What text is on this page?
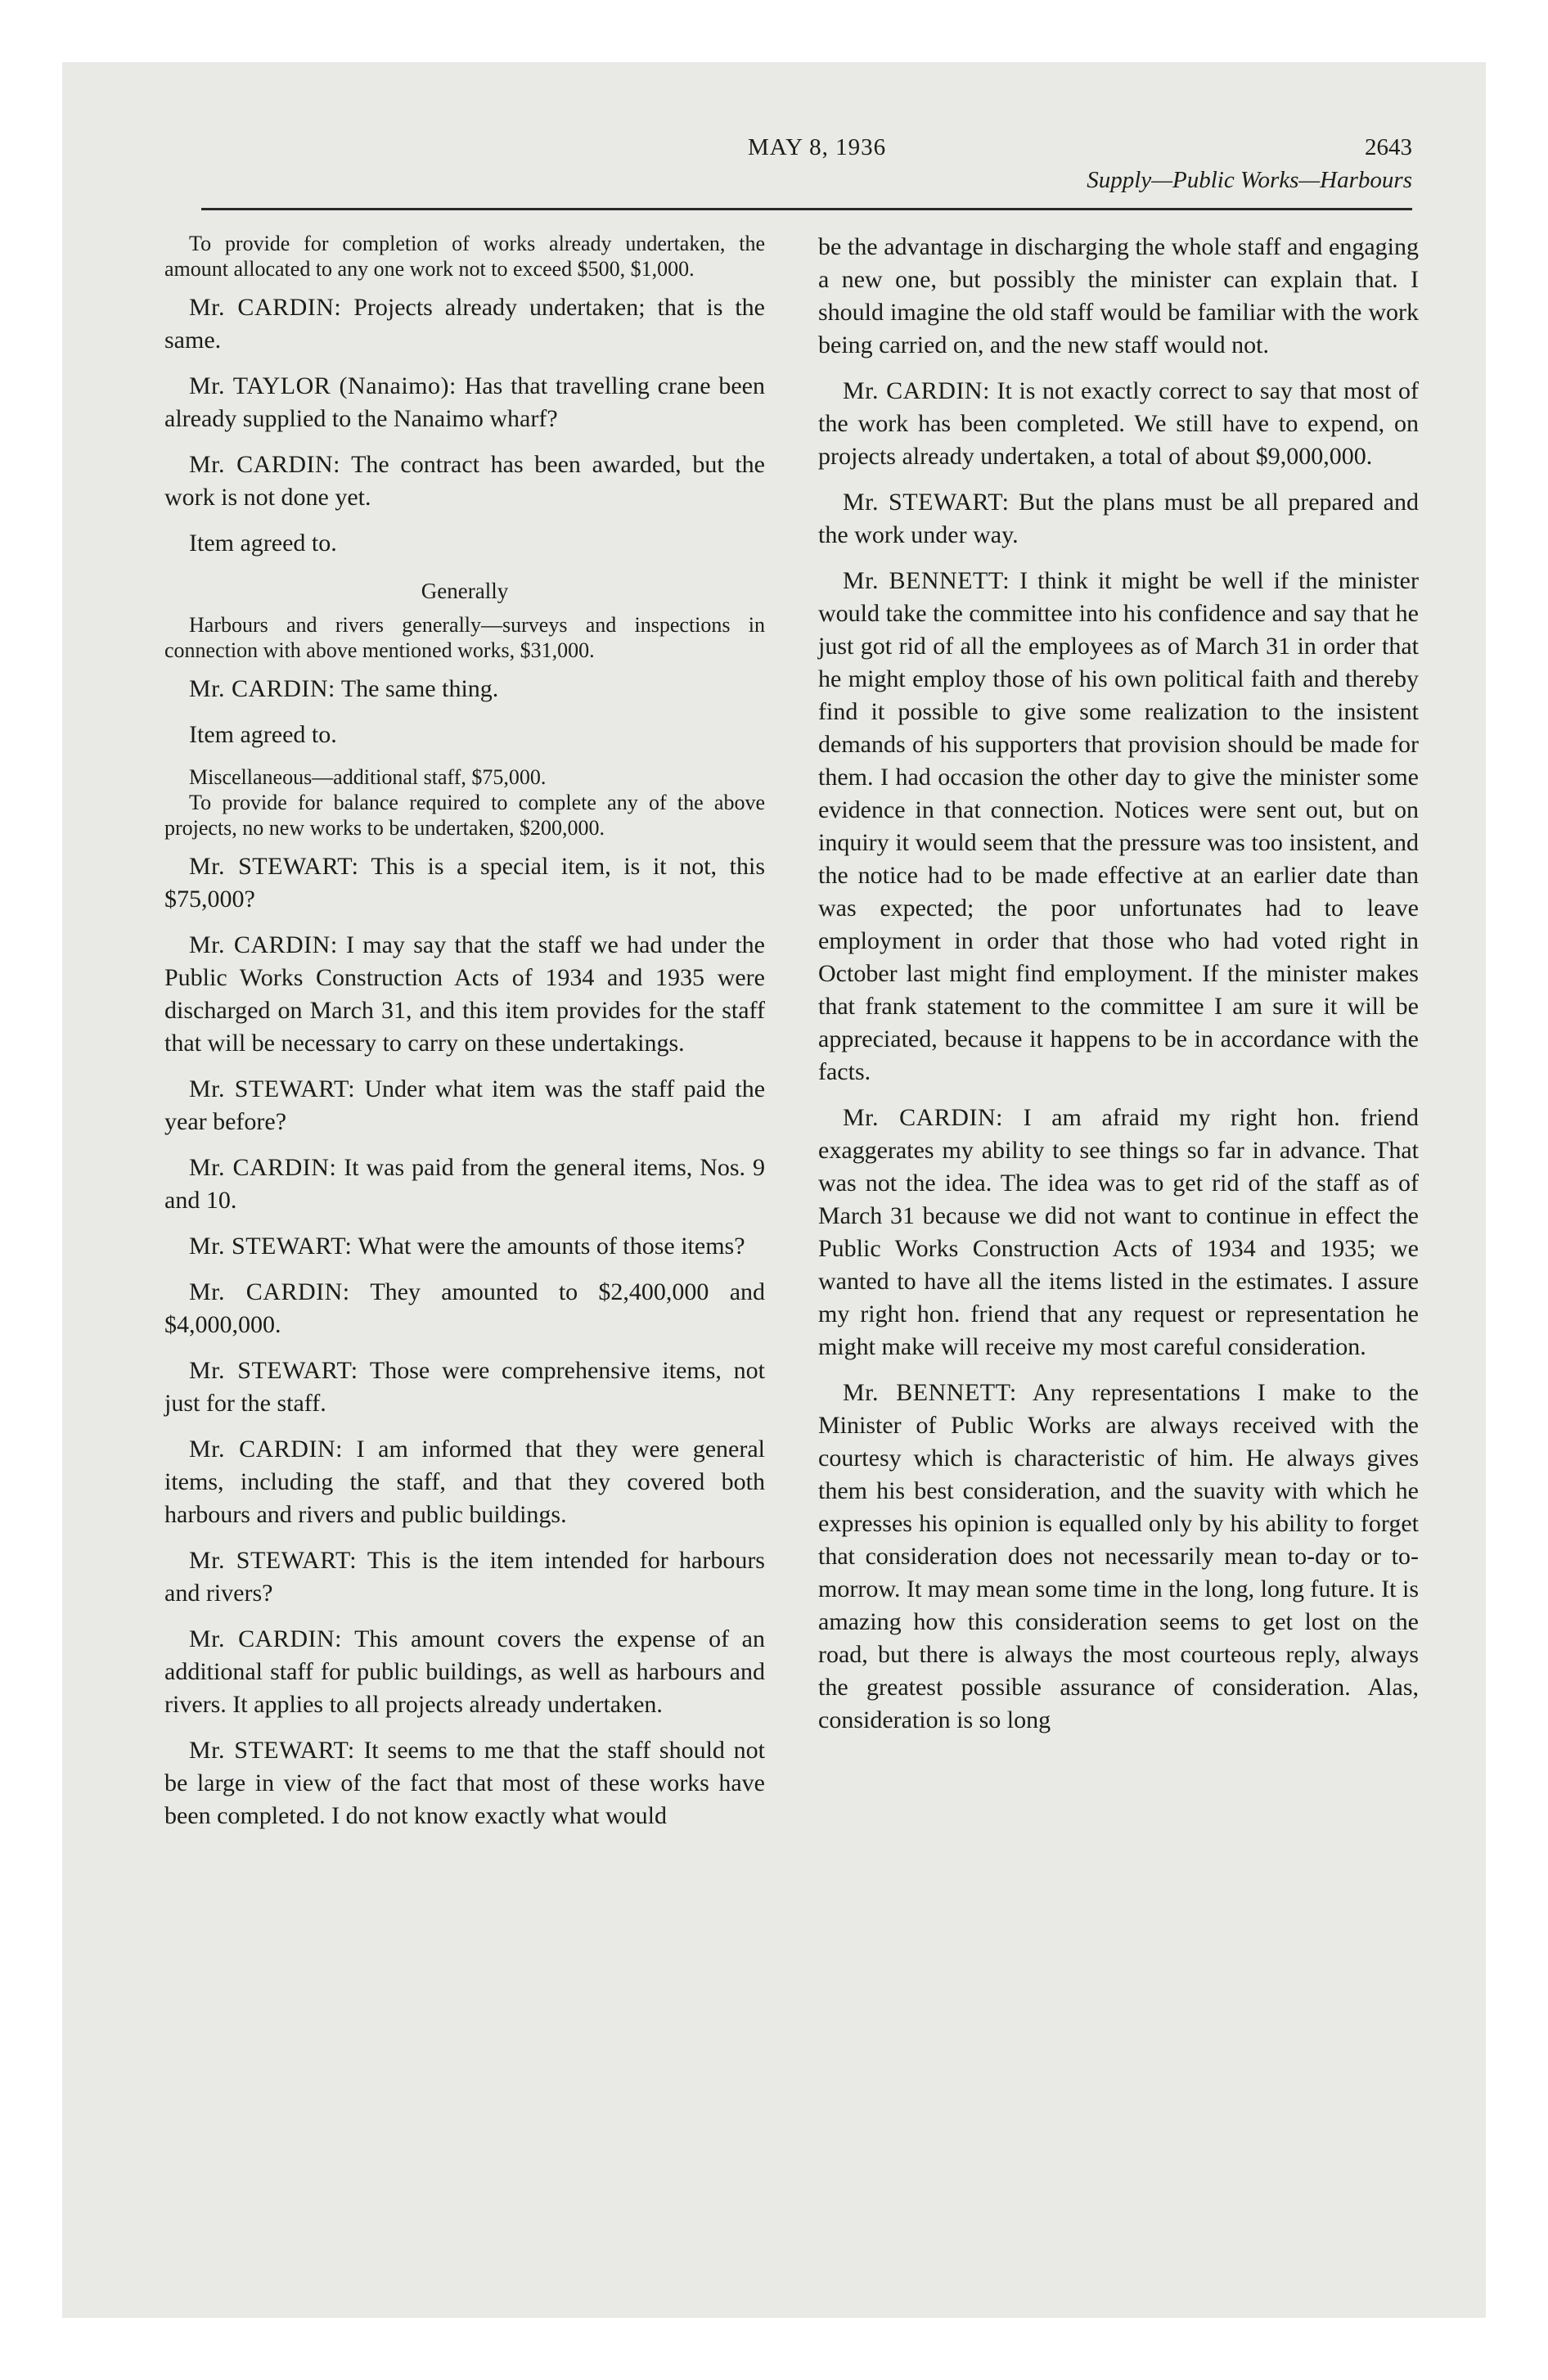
MAY 8, 1936	2643
Supply—Public Works—Harbours

To provide for completion of works already undertaken, the amount allocated to any one work not to exceed $500, $1,000.

Mr. CARDIN: Projects already undertaken; that is the same.

Mr. TAYLOR (Nanaimo): Has that travelling crane been already supplied to the Nanaimo wharf?

Mr. CARDIN: The contract has been awarded, but the work is not done yet.

Item agreed to.

Generally

Harbours and rivers generally—surveys and inspections in connection with above mentioned works, $31,000.

Mr. CARDIN: The same thing.

Item agreed to.

Miscellaneous—additional staff, $75,000.

To provide for balance required to complete any of the above projects, no new works to be undertaken, $200,000.

Mr. STEWART: This is a special item, is it not, this $75,000?

Mr. CARDIN: I may say that the staff we had under the Public Works Construction Acts of 1934 and 1935 were discharged on March 31, and this item provides for the staff that will be necessary to carry on these undertakings.

Mr. STEWART: Under what item was the staff paid the year before?

Mr. CARDIN: It was paid from the general items, Nos. 9 and 10.

Mr. STEWART: What were the amounts of those items?

Mr. CARDIN: They amounted to $2,400,000 and $4,000,000.

Mr. STEWART: Those were comprehensive items, not just for the staff.

Mr. CARDIN: I am informed that they were general items, including the staff, and that they covered both harbours and rivers and public buildings.

Mr. STEWART: This is the item intended for harbours and rivers?

Mr. CARDIN: This amount covers the expense of an additional staff for public buildings, as well as harbours and rivers. It applies to all projects already undertaken.

Mr. STEWART: It seems to me that the staff should not be large in view of the fact that most of these works have been completed. I do not know exactly what would

be the advantage in discharging the whole staff and engaging a new one, but possibly the minister can explain that. I should imagine the old staff would be familiar with the work being carried on, and the new staff would not.

Mr. CARDIN: It is not exactly correct to say that most of the work has been completed. We still have to expend, on projects already undertaken, a total of about $9,000,000.

Mr. STEWART: But the plans must be all prepared and the work under way.

Mr. BENNETT: I think it might be well if the minister would take the committee into his confidence and say that he just got rid of all the employees as of March 31 in order that he might employ those of his own political faith and thereby find it possible to give some realization to the insistent demands of his supporters that provision should be made for them. I had occasion the other day to give the minister some evidence in that connection. Notices were sent out, but on inquiry it would seem that the pressure was too insistent, and the notice had to be made effective at an earlier date than was expected; the poor unfortunates had to leave employment in order that those who had voted right in October last might find employment. If the minister makes that frank statement to the committee I am sure it will be appreciated, because it happens to be in accordance with the facts.

Mr. CARDIN: I am afraid my right hon. friend exaggerates my ability to see things so far in advance. That was not the idea. The idea was to get rid of the staff as of March 31 because we did not want to continue in effect the Public Works Construction Acts of 1934 and 1935; we wanted to have all the items listed in the estimates. I assure my right hon. friend that any request or representation he might make will receive my most careful consideration.

Mr. BENNETT: Any representations I make to the Minister of Public Works are always received with the courtesy which is characteristic of him. He always gives them his best consideration, and the suavity with which he expresses his opinion is equalled only by his ability to forget that consideration does not necessarily mean to-day or to-morrow. It may mean some time in the long, long future. It is amazing how this consideration seems to get lost on the road, but there is always the most courteous reply, always the greatest possible assurance of consideration. Alas, consideration is so long
